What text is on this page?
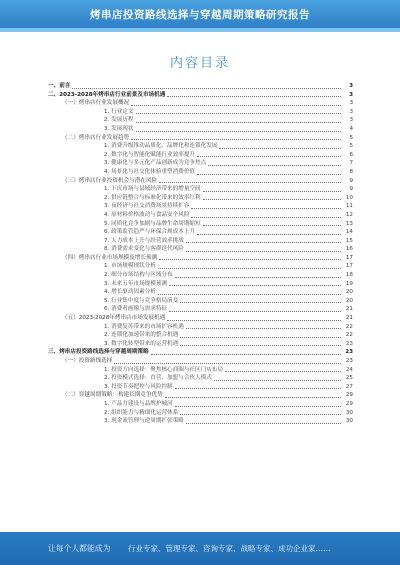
烤串店投资路线选择与穿越周期策略研究报告
内容目录
一、前言	3
二、2023-2028年烤串店行业前景及市场机遇	3
（一）烤串店行业发展概况	3
1. 行业定义	3
2. 发展历程	3
3. 发展现状	4
（二）烤串店行业发展趋势	5
1. 消费升级推动品质化、品牌化和连锁化发展	5
2. 数字化与智能化赋能行业效率提升	6
3. 健康化与多元化产品创新成为竞争焦点	7
4. 场景化与社交化体验重塑消费价值	8
（三）烤串店行业投资机会与潜在风险	9
1. 下沉市场与县域经济带来的增量空间	9
2. 供应链整合与标准化带来的效率红利	10
3. 夜经济与社交消费场景持续扩容	11
4. 原材料价格波动与食品安全风险	12
5. 同质化竞争加剧与品牌生命周期缩短	13
6. 政策监管趋严与环保合规成本上升	14
7. 人力成本上升与经营效率挑战	15
8. 消费需求变化与客群迭代风险	16
（四）烤串店行业市场规模及增长预测	17
1. 市场规模现状分析	17
2. 细分市场结构与区域分布	18
3. 未来五年市场规模预测	19
4. 增长驱动因素分析	20
5. 行业集中度与竞争格局演变	20
6. 消费者画像与需求特征	21
（五）2023-2028年烤串店市场发展机遇	21
1. 消费复苏带来的市场扩容机遇	22
2. 连锁化加速带来的整合机遇	22
3. 数字化转型带来的运营机遇	23
三、烤串店投资路线选择与穿越周期策略	23
（一）投资路线选择	23
1. 投资方向选择：聚焦核心商圈与社区门店布局	24
2. 投资模式选择：直营、加盟与合伙人模式	25
3. 投资节奏把控与风险控制	27
（二）穿越周期策略：构建长期竞争优势	29
1. 产品力建设与品牌护城河	29
2. 组织能力与精细化运营体系	30
3. 现金流管理与逆周期扩张策略	30
让每个人都能成为	行业专家、管理专家、咨询专家、战略专家、成功企业家……
